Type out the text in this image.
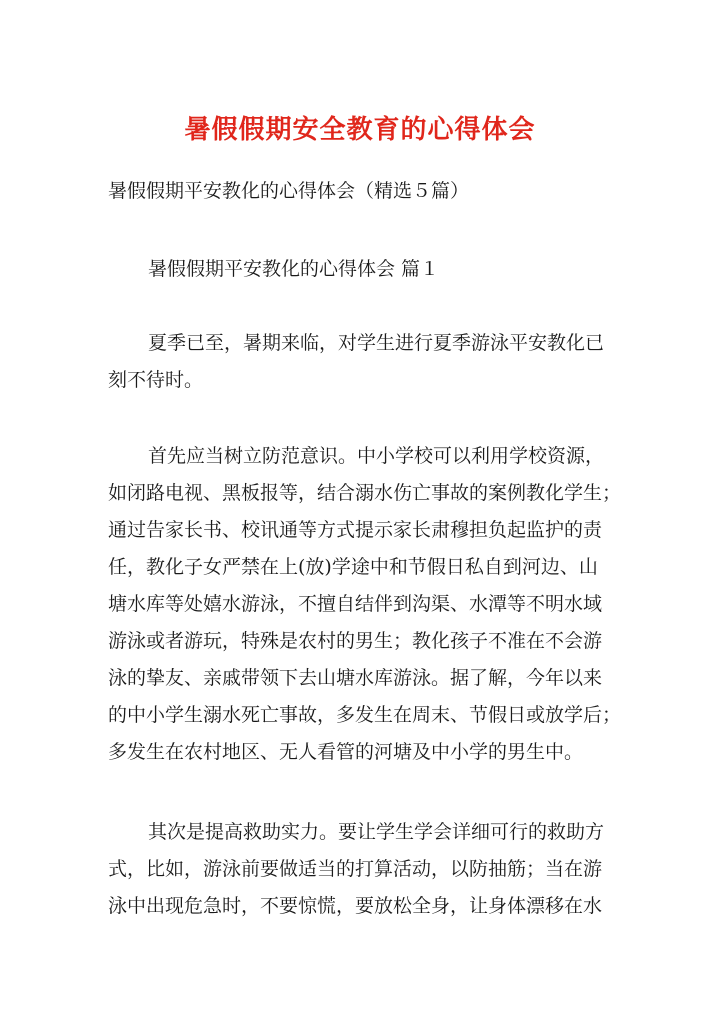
暑假假期安全教育的心得体会
暑假假期平安教化的心得体会（精选５篇）
暑假假期平安教化的心得体会 篇１
夏季已至，暑期来临，对学生进行夏季游泳平安教化已
刻不待时。
首先应当树立防范意识。中小学校可以利用学校资源，
如闭路电视、黑板报等，结合溺水伤亡事故的案例教化学生；
通过告家长书、校讯通等方式提示家长肃穆担负起监护的责
任，教化子女严禁在上(放)学途中和节假日私自到河边、山
塘水库等处嬉水游泳，不擅自结伴到沟渠、水潭等不明水域
游泳或者游玩，特殊是农村的男生；教化孩子不准在不会游
泳的挚友、亲戚带领下去山塘水库游泳。据了解，今年以来
的中小学生溺水死亡事故，多发生在周末、节假日或放学后；
多发生在农村地区、无人看管的河塘及中小学的男生中。
其次是提高救助实力。要让学生学会详细可行的救助方
式，比如，游泳前要做适当的打算活动，以防抽筋；当在游
泳中出现危急时，不要惊慌，要放松全身，让身体漂移在水
